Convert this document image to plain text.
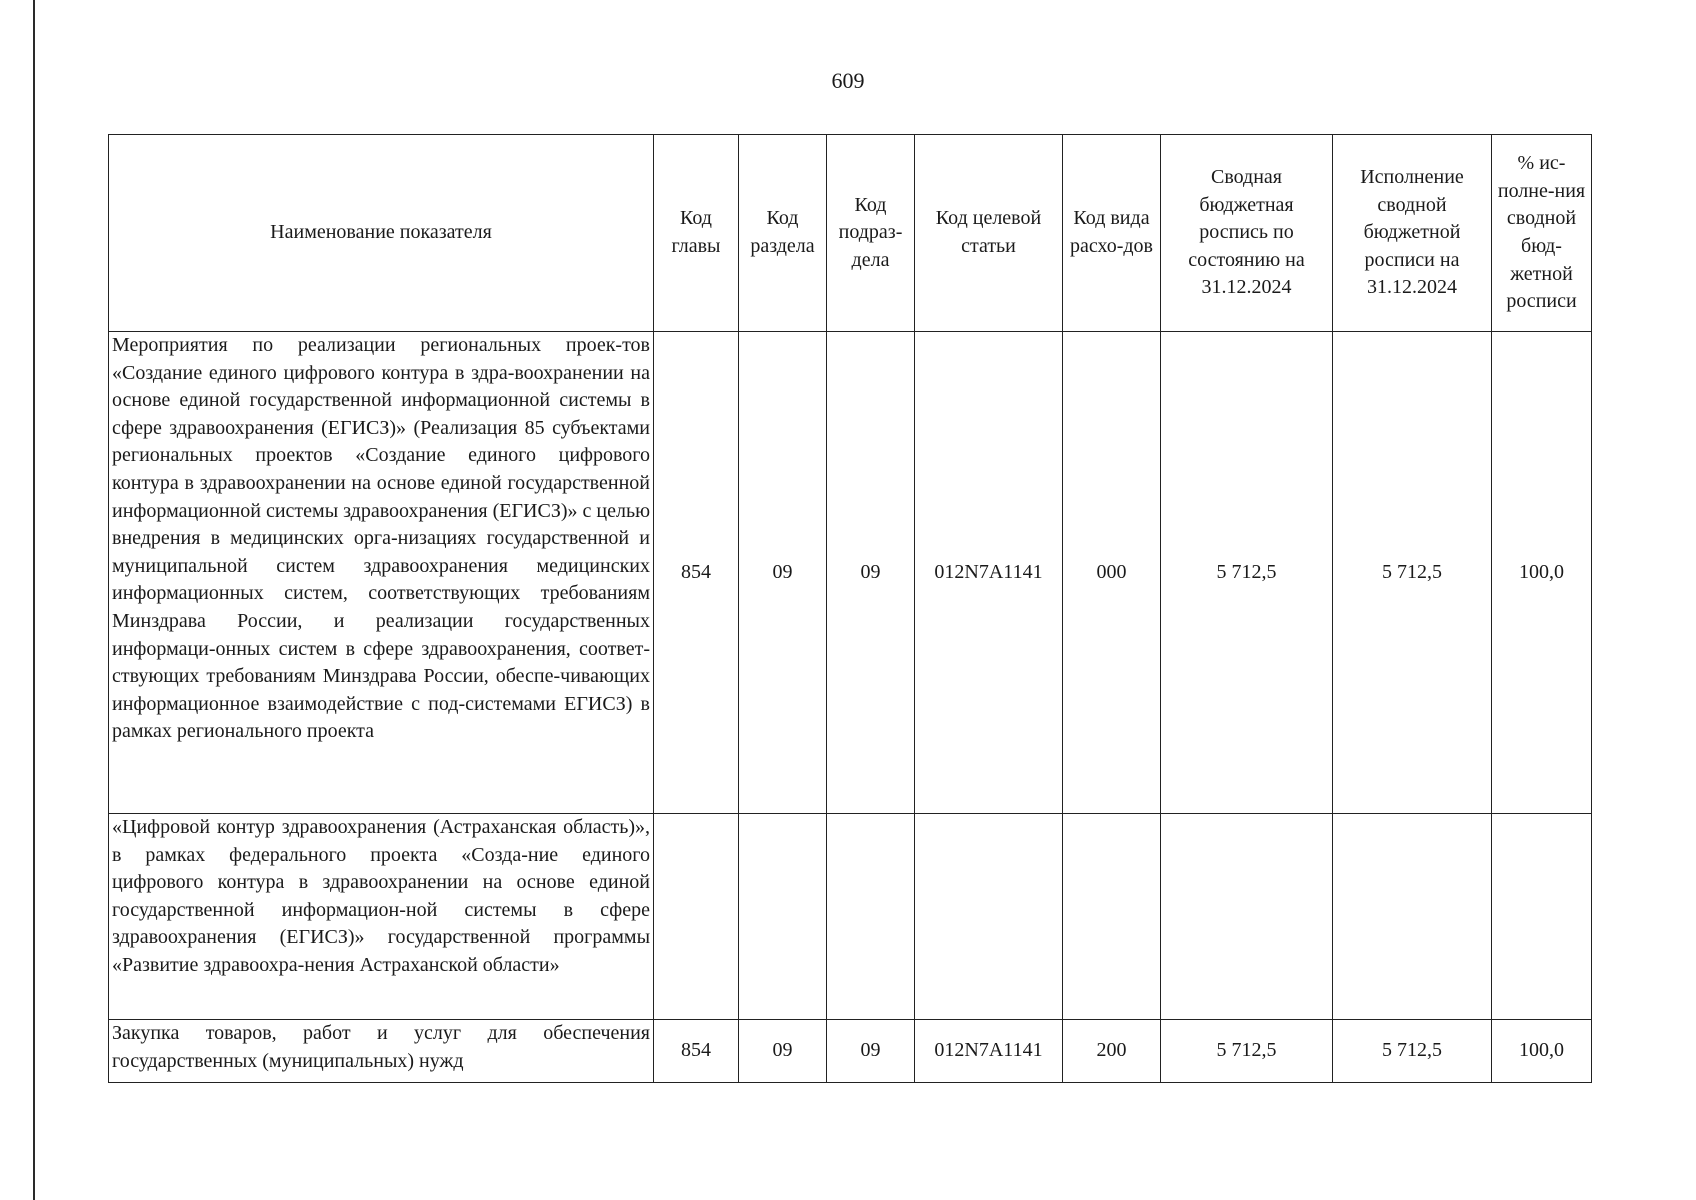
609
Наименование показателя	Код главы	Код раздела	Код подраз-дела	Код целевой статьи	Код вида расхо-дов	Сводная бюджетная роспись по состоянию на 31.12.2024	Исполнение сводной бюджетной росписи на 31.12.2024	% ис-полне-ния сводной бюд-жетной росписи
Мероприятия по реализации региональных проек-тов «Создание единого цифрового контура в здра-воохранении на основе единой государственной информационной системы в сфере здравоохранения (ЕГИСЗ)» (Реализация 85 субъектами региональных проектов «Создание единого цифрового контура в здравоохранении на основе единой государственной информационной системы здравоохранения (ЕГИСЗ)» с целью внедрения в медицинских орга-низациях государственной и муниципальной систем здравоохранения медицинских информационных систем, соответствующих требованиям Минздрава России, и реализации государственных информаци-онных систем в сфере здравоохранения, соответ-ствующих требованиям Минздрава России, обеспе-чивающих информационное взаимодействие с под-системами ЕГИСЗ) в рамках регионального проекта	854	09	09	012N7A1141	000	5 712,5	5 712,5	100,0
«Цифровой контур здравоохранения (Астраханская область)», в рамках федерального проекта «Созда-ние единого цифрового контура в здравоохранении на основе единой государственной информацион-ной системы в сфере здравоохранения (ЕГИСЗ)» государственной программы «Развитие здравоохра-нения Астраханской области»								
Закупка товаров, работ и услуг для обеспечения государственных (муниципальных) нужд	854	09	09	012N7A1141	200	5 712,5	5 712,5	100,0
